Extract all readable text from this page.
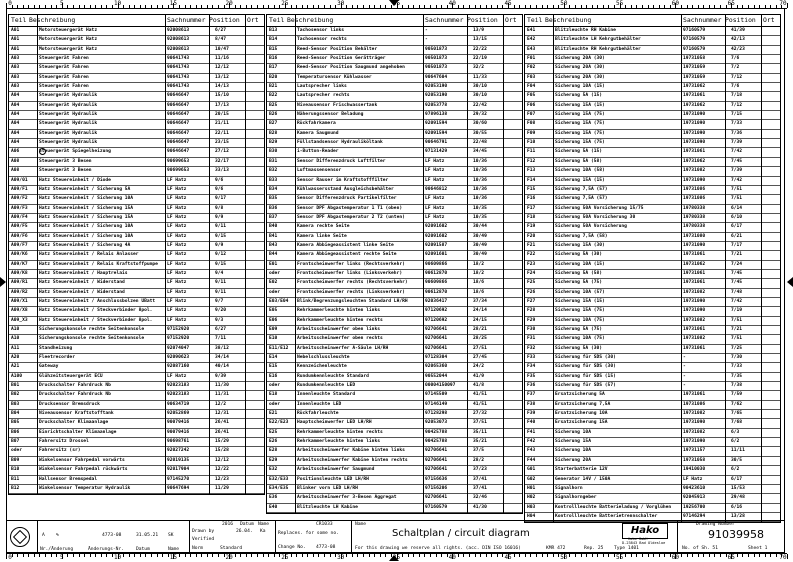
0	5	10	15	20	25	30	35	40	45	50	55	60	65	70
0	5	10	15	20	25	30	35	40	45	50	55	60	65	70
Teil Beschreibung	Sachnummer Position Ort
A01	Motorsteuergerät Hatz	92008613	6/27
A01	Motorsteuergerät Hatz	92008613	8/47
A01	Motorsteuergerät Hatz	92008613	10/47
A03	Steuergerät Fahren	90641743	11/16
A03	Steuergerät Fahren	90641743	12/12
A03	Steuergerät Fahren	90641743	13/12
A03	Steuergerät Fahren	90641743	14/13
A04	Steuergerät Hydraulik	90646647	15/10
A04	Steuergerät Hydraulik	90646647	17/13
A04	Steuergerät Hydraulik	90646647	20/15
A04	Steuergerät Hydraulik	90646647	21/11
A04	Steuergerät Hydraulik	90646647	22/11
A04	Steuergerät Hydraulik	90646647	23/15
A06	Steuergerät Spiegelheizung	90646647	27/12
A08	Steuergerät 3 Besen	90699653	32/17
A08	Steuergerät 3 Besen	90699653	33/13
A09/01	Hatz Steuereinheit / Diode	LF Hatz	9/6
A09/F1	Hatz Steuereinheit / Sicherung 5A	LF Hatz	9/6
A09/F2	Hatz Steuereinheit / Sicherung 10A	LF Hatz	9/17
A09/F3	Hatz Steuereinheit / Sicherung 15A	LF Hatz	9/8
A09/F4	Hatz Steuereinheit / Sicherung 15A	LF Hatz	9/9
A09/F5	Hatz Steuereinheit / Sicherung 10A	LF Hatz	9/11
A09/F6	Hatz Steuereinheit / Sicherung 10A	LF Hatz	9/15
A09/F7	Hatz Steuereinheit / Sicherung 4A	LF Hatz	9/9
A09/K6	Hatz Steuereinheit / Relais Anlasser	LF Hatz	9/12
A09/K7	Hatz Steuereinheit / Relais Kraftstoffpumpe	LF Hatz	9/15
A09/K8	Hatz Steuereinheit / Hauptrelais	LF Hatz	9/4
A09/R1	Hatz Steuereinheit / Widerstand	LF Hatz	9/11
A09/R2	Hatz Steuereinheit / Widerstand	LF Hatz	9/11
A09/X1	Hatz Steuereinheit / Anschlussbolzen UBatt	LF Hatz	9/7
A09/X8	Hatz Steuereinheit / Steckverbinder 8pol.	LF Hatz	9/20
A09_X3	Hatz Steuereinheit / Steckverbinder 8pol.	LF Hatz	9/3
A10	Sicherungskonsole rechte Seitenkonsole	97152920	6/27
A10	Sicherungskonsole rechte Seitenkonsole	97152920	7/11
A11	Standheizung	92074047	38/12
A20	Fleetrecorder	92090623	34/14
A21	Gateway	92087160	40/14
A100	Glühzeitsteuergerät ECU	LF Hatz	9/39
B01	Druckschalter Fahrdruck Nb	92023183	11/30
B02	Druckschalter Fahrdruck Nb	92023183	11/31
B03	Drucksensor Bremsdruck	90634719	12/2
B04	Niveausensor Kraftstofftank	92052869	12/31
B05	Druckschalter Klimaanlage	90079416	26/41
B06	Einrichtschalter Klimaanlage	90079416	26/41
B07	Fahrersitz Drossel	90698761	15/29
oder	Fahrersitz (sr)	92027242	15/28
B09	Winkelsensor Fahrpedal vorwärts	92019135	12/12
B10	Winkelsensor Fahrpedal rückwärts	92017904	12/22
B11	Hallsensor Bremspedal	97145270	12/23
B12	Winkelsensor Temperatur Hydraulik	90647694	11/29
Teil Beschreibung	Sachnummer Position Ort
B13	Tachosensor links	-	13/9
B14	Tachosensor rechts	-	13/15
B15	Reed-Sensor Position Behälter	90501873	22/22
B16	Reed-Sensor Position Gerätträger	90501873	22/19
B17	Reed-Sensor Position Saugmund angehoben	90501873	32/2
B20	Temperatursensor Kühlwasser	90647604	11/33
B21	Lautsprecher links	92053190	30/10
B22	Lautsprecher rechts	92053190	30/10
B25	Niveausensor Frischwassertank	92053778	22/42
B26	Näherungssensor Beladung	97896138	29/32
B27	Rückfahrkamera	92091594	30/60
B28	Kamera Saugmund	92091594	30/55
B29	Füllstandsensor Hydrauliköltank	90646791	22/48
B30	i-Button-Reader	97131429	34/45
B31	Sensor Differenzdruck Luftfilter	LF Hatz	10/36
B32	Luftmassensensor	LF Hatz	10/36
B33	Sensor Rauser im Kraftstofffilter	LF Hatz	10/36
B34	Kühlwassersstand Ausgleichsbehälter	90646812	10/36
B35	Sensor Differenzdruck Partikelfilter	LF Hatz	10/36
B36	Sensor DPF Abgastemperatur 1 T1 (oben)	LF Hatz	10/35
B37	Sensor DPF Abgastemperatur 2 T2 (unten)	LF Hatz	10/35
B40	Kamera rechte Seite	92091602	30/44
B41	Kamera linke Seite	92091602	30/49
B43	Kamera Abbiegeassistent linke Seite	92091587	30/49
B44	Kamera Abbiegeassistent rechte Seite	92091601	30/49
E01	Frontscheinwerfer links (Rechtsverkehr)	90609866	18/2
oder	Frontscheinwerfer links (Linksverkehr)	90612870	18/2
E02	Frontscheinwerfer rechts (Rechtsverkehr)	90609866	18/6
oder	Frontscheinwerfer rechts (Linksverkehr)	90612870	18/6
E03/E04	Blink/Begrenzungsleuchten Standard LH/RH	92036417	37/34
E05	Rehrkammerleuchte hinten links	97120692	24/14
E06	Rehrkammerleuchte hinten rechts	97120692	24/15
E09	Arbeitsscheinwerfer oben links	92706641	28/21
E10	Arbeitsscheinwerfer oben rechts	92706641	28/25
E11/E12	Arbeitsscheinwerfer A-Säule LH/RH	92706641	27/51
E14	Nebelschlussleuchte	97128304	27/45
E15	Kennzeichenleuchte	92065360	24/2
E16	Rundumkennleuchte Standard	90552044	41/9
oder	Rundumkennleuchte LED	00004150097	41/8
E18	Innenleuchte Standard	97145509	41/51
oder	Innenleuchte LED	97146149	41/51
E21	Rückfahrleuchte	97128298	27/32
E22/E23	Hauptscheinwerfer LED LH/RH	92053073	37/51
E25	Rehrkammerleuchte hinten rechts	90425788	35/11
E26	Rehrkammerleuchte hinten links	90425788	35/21
E28	Arbeitsscheinwerfer Kabine hinten links	92706641	37/5
E29	Arbeitsscheinwerfer Kabine hinten rechts	92706641	28/2
E32	Arbeitsscheinwerfer Saugmund	92706641	37/23
E32/E33	Positionsleuchte LED LH/RH	97156636	37/41
E34/E35	Blinker vorn LED LH/RH	97156206	37/41
E36	Arbeitsscheinwerfer 3-Besen Aggregat	92706641	32/46
E40	Blitzleuchte LH Kabine	97160579	41/30
Teil Beschreibung	Sachnummer Position Ort
E41	Blitzleuchte RH Kabine	97160579	41/39
E42	Blitzleuchte LH Kehrgutbehälter	97160579	42/13
E43	Blitzleuchte RH Kehrgutbehälter	97160579	42/23
F01	Sicherung 20A (30)	19731058	7/6
F02	Sicherung 20A (30)	19731059	7/2
F03	Sicherung 20A (30)	19731059	7/12
F04	Sicherung 10A (15)	19731062	7/6
F05	Sicherung 5A (15)	19731061	7/18
F06	Sicherung 15A (15)	19731062	7/12
F07	Sicherung 15A (75)	19731090	7/15
F08	Sicherung 15A (75)	19731090	7/33
F09	Sicherung 15A (75)	19731090	7/36
F10	Sicherung 15A (75)	19731090	7/39
F11	Sicherung 5A (15)	19731061	7/42
F12	Sicherung 5A (58)	19731062	7/45
F13	Sicherung 10A (58)	19731082	7/39
F14	Sicherung 15A (15)	19731090	7/42
F15	Sicherung 7,5A (57)	19731086	7/51
F16	Sicherung 7,5A (57)	19731086	7/51
F17	Sicherung 50A Vorsicherung 15/75	19780338	6/14
F18	Sicherung 50A Vorsicherung 30	19780338	6/10
F19	Sicherung 50A Vorsicherung	19780338	6/17
F20	Sicherung 7,5A (58)	19731080	6/21
F21	Sicherung 15A (30)	19731090	7/17
F22	Sicherung 5A (30)	19731061	7/21
F23	Sicherung 10A (15)	19731062	7/24
F24	Sicherung 5A (58)	19731061	7/45
F25	Sicherung 5A (75)	19731061	7/45
F26	Sicherung 10A (57)	19731082	7/48
F27	Sicherung 15A (15)	19731090	7/42
F28	Sicherung 15A (75)	19731090	7/19
F29	Sicherung 10A (75)	19731082	7/51
F30	Sicherung 5A (75)	19731061	7/21
F31	Sicherung 10A (75)	19731082	7/51
F32	Sicherung 5A (30)	19731061	7/25
F33	Sicherung für SDS (30)	-	7/30
F34	Sicherung für SDS (30)	-	7/33
F35	Sicherung für SDS (15)	-	7/35
F36	Sicherung für SDS (57)	-	7/38
F37	Ersatzsicherung 5A	19731061	7/59
F38	Ersatzsicherung 7,5A	19731086	7/62
F39	Ersatzsicherung 10A	19731082	7/65
F40	Ersatzsicherung 15A	19731090	7/68
F41	Sicherung 10A	19731082	6/3
F42	Sicherung 15A	19731090	6/2
F43	Sicherung 10A	19731157	11/11
F44	Sicherung 20A	19731058	30/5
G01	Starterbatterie 12V	19410030	6/2
G02	Generator 14V / 150A	LF Hatz	6/17
H01	Signalhorn	90423610	15/53
H02	Signalhorngeber	92045913	29/48
H03	Kontrollleuchte Batterieladung / Vorglühen	19256700	6/16
H04	Kontrollleuchte Batterietrennschalter	97146294	13/28
A %	4773-08	31.05.21 SK
Nr./Änderung	Änderungs-Nr.	Datum	Name
2016 Datum Name
Drawn by	26.04. Ka
Verified
Norm	Standard
CR1033
Replaces. for some no.
Change No. 4773-08
Name
Schaltplan / circuit diagram
For this drawing we reserve all rights. (acc. DIN ISO 16016)	KMR 472
Hako
Hako GmbH
D-23843 Bad Oldesloe
Type 1401
Rep. 25
Drawing Number
91039958
No. of Sh. 51	Sheet 1
